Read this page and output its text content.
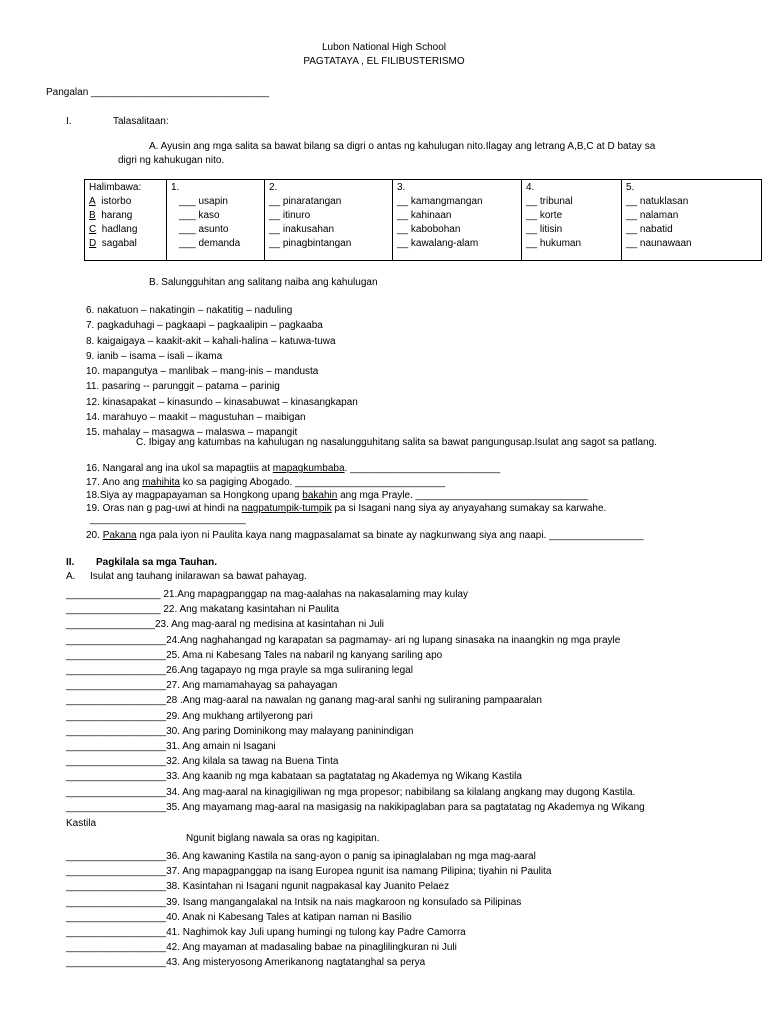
Lubon National High School
PAGTATAYA , EL FILIBUSTERISMO
Pangalan ________________________________
I.	Talasalitaan:
A. Ayusin ang mga salita sa bawat bilang sa digri o antas ng kahulugan nito.Ilagay ang letrang A,B,C at D batay sa
digri ng kahukugan nito.
Halimbawa:
A istorbo
B harang
C hadlang
D sagabal

1.
___ usapin
___ kaso
___ asunto
___ demanda

2.
__ pinaratangan
__ itinuro
__ inakusahan
__ pinagbintangan

3.
__ kamangmangan
__ kahinaan
__ kabobohan
__ kawalang-alam

4.
__ tribunal
__ korte
__ litisin
__ hukuman

5.
__ natuklasan
__ nalaman
__ nabatid
__ naunawaan
B. Salungguhitan ang salitang naiba ang kahulugan
6. nakatuon – nakatingin – nakatitig – naduling
7. pagkaduhagi – pagkaapi – pagkaalipin – pagkaaba
8. kaigaigaya – kaakit-akit – kahali-halina – katuwa-tuwa
9. ianib – isama – isali – ikama
10. mapangutya – manlibak – mang-inis – mandusta
11. pasaring -- parunggit – patama – parinig
12. kinasapakat – kinasundo – kinasabuwat – kinasangkapan
14. marahuyo – maakit – magustuhan – maibigan
15. mahalay – masagwa – malaswa – mapangit
C. Ibigay ang katumbas na kahulugan ng nasalungguhitang salita sa bawat pangungusap.Isulat ang sagot sa patlang.
16. Nangaral ang ina ukol sa mapagtiis at mapagkumbaba. ___________________________
17. Ano ang mahihita ko sa pagiging Abogado. ___________________________
18.Siya ay magpapayaman sa Hongkong upang bakahin ang mga Prayle. _______________________________
19. Oras nan g pag-uwi at hindi na nagpatumpik-tumpik pa si Isagani nang siya ay anyayahang sumakay sa karwahe.
____________________________
20. Pakana nga pala iyon ni Paulita kaya nang magpasalamat sa binate ay nagkunwang siya ang naapi. _________________
II. Pagkilala sa mga Tauhan.
A. Isulat ang tauhang inilarawan sa bawat pahayag.
_________________ 21.Ang mapagpanggap na mag-aalahas na nakasalaming may kulay
_________________ 22. Ang makatang kasintahan ni Paulita
________________23. Ang mag-aaral ng medisina at kasintahan ni Juli
__________________24.Ang naghahangad ng karapatan sa pagmamay- ari ng lupang sinasaka na inaangkin ng mga prayle
__________________25. Ama ni Kabesang Tales na nabaril ng kanyang sariling apo
__________________26.Ang tagapayo ng mga prayle sa mga suliraning legal
__________________27. Ang mamamahayag sa pahayagan
__________________28 .Ang mag-aaral na nawalan ng ganang mag-aral sanhi ng suliraning pampaaralan
__________________29. Ang mukhang artilyerong pari
__________________30. Ang paring Dominikong may malayang paninindigan
__________________31. Ang amain ni Isagani
__________________32. Ang kilala sa tawag na Buena Tinta
__________________33. Ang kaanib ng mga kabataan sa pagtatatag ng Akademya ng Wikang Kastila
__________________34. Ang mag-aaral na kinagigiliwan ng mga propesor; nabibilang sa kilalang angkang may dugong Kastila.
__________________35. Ang mayamang mag-aaral na masigasig na nakikipaglaban para sa pagtatatag ng Akademya ng Wikang
Kastila
Ngunit biglang nawala sa oras ng kagipitan.
__________________36. Ang kawaning Kastila na sang-ayon o panig sa ipinaglalaban ng mga mag-aaral
__________________37. Ang mapagpanggap na isang Europea ngunit isa namang Pilipina; tiyahin ni Paulita
__________________38. Kasintahan ni Isagani ngunit nagpakasal kay Juanito Pelaez
__________________39. Isang mangangalakal na Intsik na nais magkaroon ng konsulado sa Pilipinas
__________________40. Anak ni Kabesang Tales at katipan naman ni Basilio
__________________41. Naghimok kay Juli upang humingi ng tulong kay Padre Camorra
__________________42. Ang mayaman at madasaling babae na pinaglilingkuran ni Juli
__________________43. Ang misteryosong Amerikanong nagtatanghal sa perya
